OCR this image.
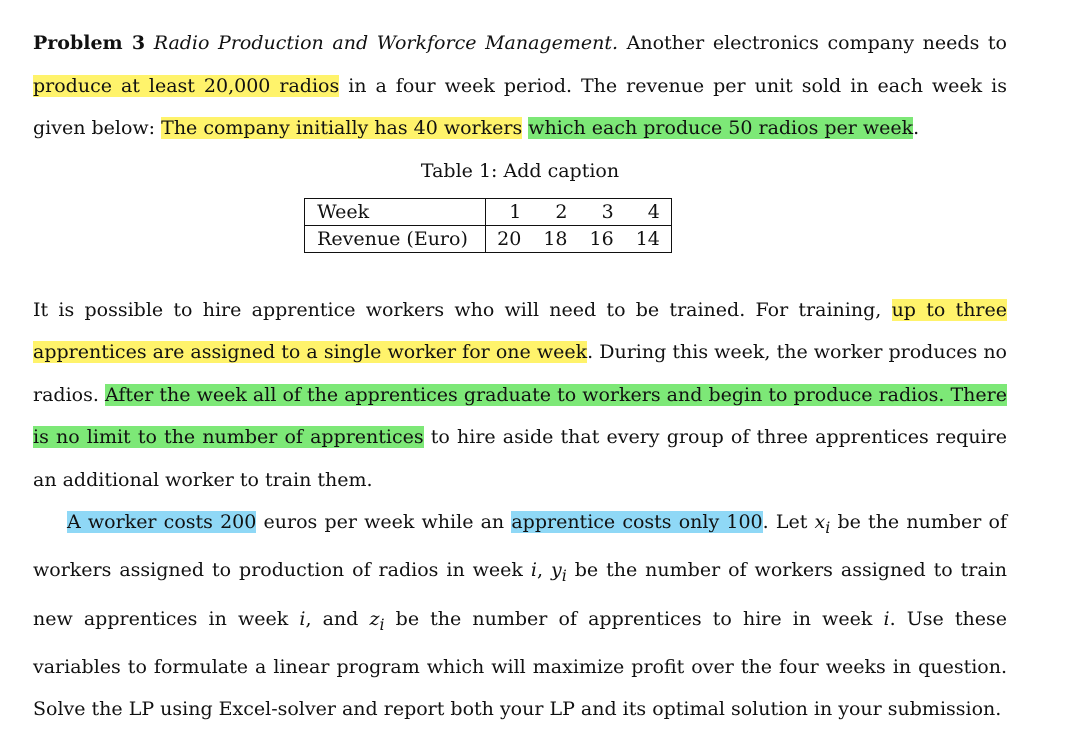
Problem 3 Radio Production and Workforce Management. Another electronics company needs to produce at least 20,000 radios in a four week period. The revenue per unit sold in each week is given below: The company initially has 40 workers which each produce 50 radios per week.

Table 1: Add caption

Week	1	2	3	4
Revenue (Euro)	20	18	16	14

It is possible to hire apprentice workers who will need to be trained. For training, up to three apprentices are assigned to a single worker for one week. During this week, the worker produces no radios. After the week all of the apprentices graduate to workers and begin to produce radios. There is no limit to the number of apprentices to hire aside that every group of three apprentices require an additional worker to train them.

A worker costs 200 euros per week while an apprentice costs only 100. Let $x_i$ be the number of workers assigned to production of radios in week i, $y_i$ be the number of workers assigned to train new apprentices in week i, and $z_i$ be the number of apprentices to hire in week i. Use these variables to formulate a linear program which will maximize profit over the four weeks in question. Solve the LP using Excel-solver and report both your LP and its optimal solution in your submission.
